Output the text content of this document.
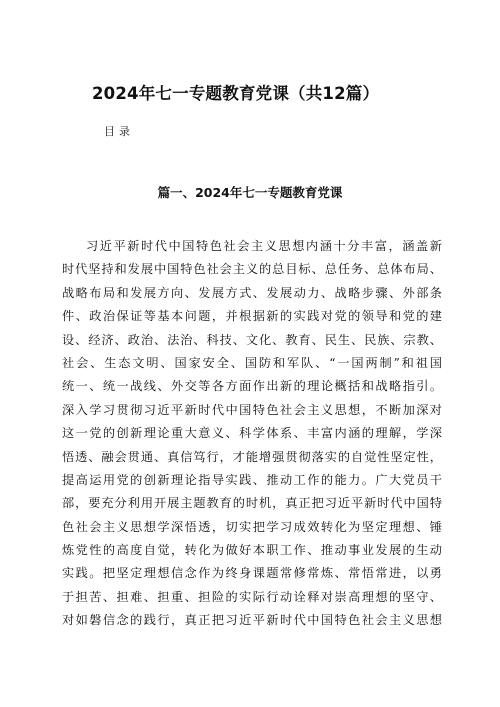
2024年七一专题教育党课（共12篇）
目录
篇一、2024年七一专题教育党课
习近平新时代中国特色社会主义思想内涵十分丰富，涵盖新
时代坚持和发展中国特色社会主义的总目标、总任务、总体布局、
战略布局和发展方向、发展方式、发展动力、战略步骤、外部条
件、政治保证等基本问题，并根据新的实践对党的领导和党的建
设、经济、政治、法治、科技、文化、教育、民生、民族、宗教、
社会、生态文明、国家安全、国防和军队、“一国两制”和祖国
统一、统一战线、外交等各方面作出新的理论概括和战略指引。
深入学习贯彻习近平新时代中国特色社会主义思想，不断加深对
这一党的创新理论重大意义、科学体系、丰富内涵的理解，学深
悟透、融会贯通、真信笃行，才能增强贯彻落实的自觉性坚定性，
提高运用党的创新理论指导实践、推动工作的能力。广大党员干
部，要充分利用开展主题教育的时机，真正把习近平新时代中国特
色社会主义思想学深悟透，切实把学习成效转化为坚定理想、锤
炼党性的高度自觉，转化为做好本职工作、推动事业发展的生动
实践。把坚定理想信念作为终身课题常修常炼、常悟常进，以勇
于担苦、担难、担重、担险的实际行动诠释对崇高理想的坚守、
对如磐信念的践行，真正把习近平新时代中国特色社会主义思想
